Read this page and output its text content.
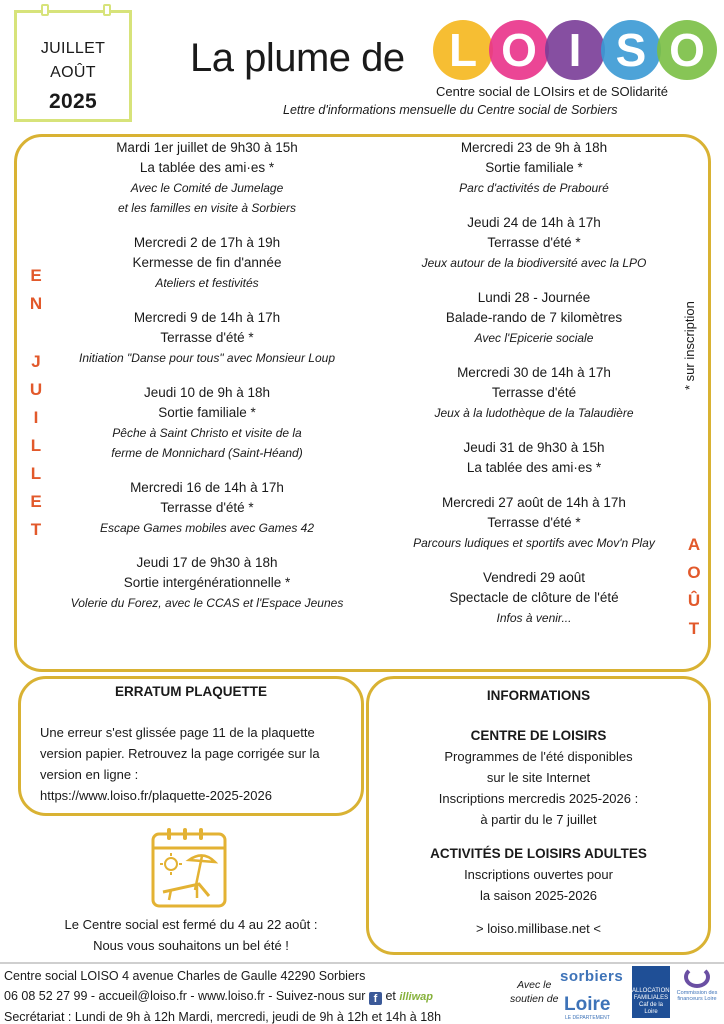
JUILLET
AOÛT
2025
La plume de L O I S O
Centre social de LOIsirs et de SOlidarité
Lettre d'informations mensuelle du Centre social de Sorbiers
E
N
J
U
I
L
L
E
T
A
O
Û
T
* sur inscription
Mardi 1er juillet de 9h30 à 15h
La tablée des ami·es *
Avec le Comité de Jumelage
et les familles en visite à Sorbiers
Mercredi 2 de 17h à 19h
Kermesse de fin d'année
Ateliers et festivités
Mercredi 9 de 14h à 17h
Terrasse d'été *
Initiation "Danse pour tous" avec Monsieur Loup
Jeudi 10 de 9h à 18h
Sortie familiale *
Pêche à Saint Christo et visite de la
ferme de Monnichard (Saint-Héand)
Mercredi 16 de 14h à 17h
Terrasse d'été *
Escape Games mobiles avec Games 42
Jeudi 17 de 9h30 à 18h
Sortie intergénérationnelle *
Volerie du Forez, avec le CCAS et l'Espace Jeunes
Mercredi 23 de 9h à 18h
Sortie familiale *
Parc d'activités de Prabouré
Jeudi 24 de 14h à 17h
Terrasse d'été *
Jeux autour de la biodiversité avec la LPO
Lundi 28 - Journée
Balade-rando de 7 kilomètres
Avec l'Epicerie sociale
Mercredi 30 de 14h à 17h
Terrasse d'été
Jeux à la ludothèque de la Talaudière
Jeudi 31 de 9h30 à 15h
La tablée des ami·es *
Mercredi 27 août de 14h à 17h
Terrasse d'été *
Parcours ludiques et sportifs avec Mov'n Play
Vendredi 29 août
Spectacle de clôture de l'été
Infos à venir...
ERRATUM PLAQUETTE
Une erreur s'est glissée page 11 de la plaquette version papier. Retrouvez la page corrigée sur la version en ligne :
https://www.loiso.fr/plaquette-2025-2026
INFORMATIONS
CENTRE DE LOISIRS
Programmes de l'été disponibles
sur le site Internet
Inscriptions mercredis 2025-2026 :
à partir du le 7 juillet
ACTIVITÉS DE LOISIRS ADULTES
Inscriptions ouvertes pour
la saison 2025-2026
> loiso.millibase.net <
Le Centre social est fermé du 4 au 22 août :
Nous vous souhaitons un bel été !
Centre social LOISO 4 avenue Charles de Gaulle 42290 Sorbiers
06 08 52 27 99 - accueil@loiso.fr - www.loiso.fr - Suivez-nous sur f et illiwap
Secrétariat : Lundi de 9h à 12h Mardi, mercredi, jeudi de 9h à 12h et 14h à 18h
Avec le
soutien de
sorbiers
Loire
LE DÉPARTEMENT
ALLOCATIONS FAMILIALES Caf de la Loire
Commission des financeurs Loire
